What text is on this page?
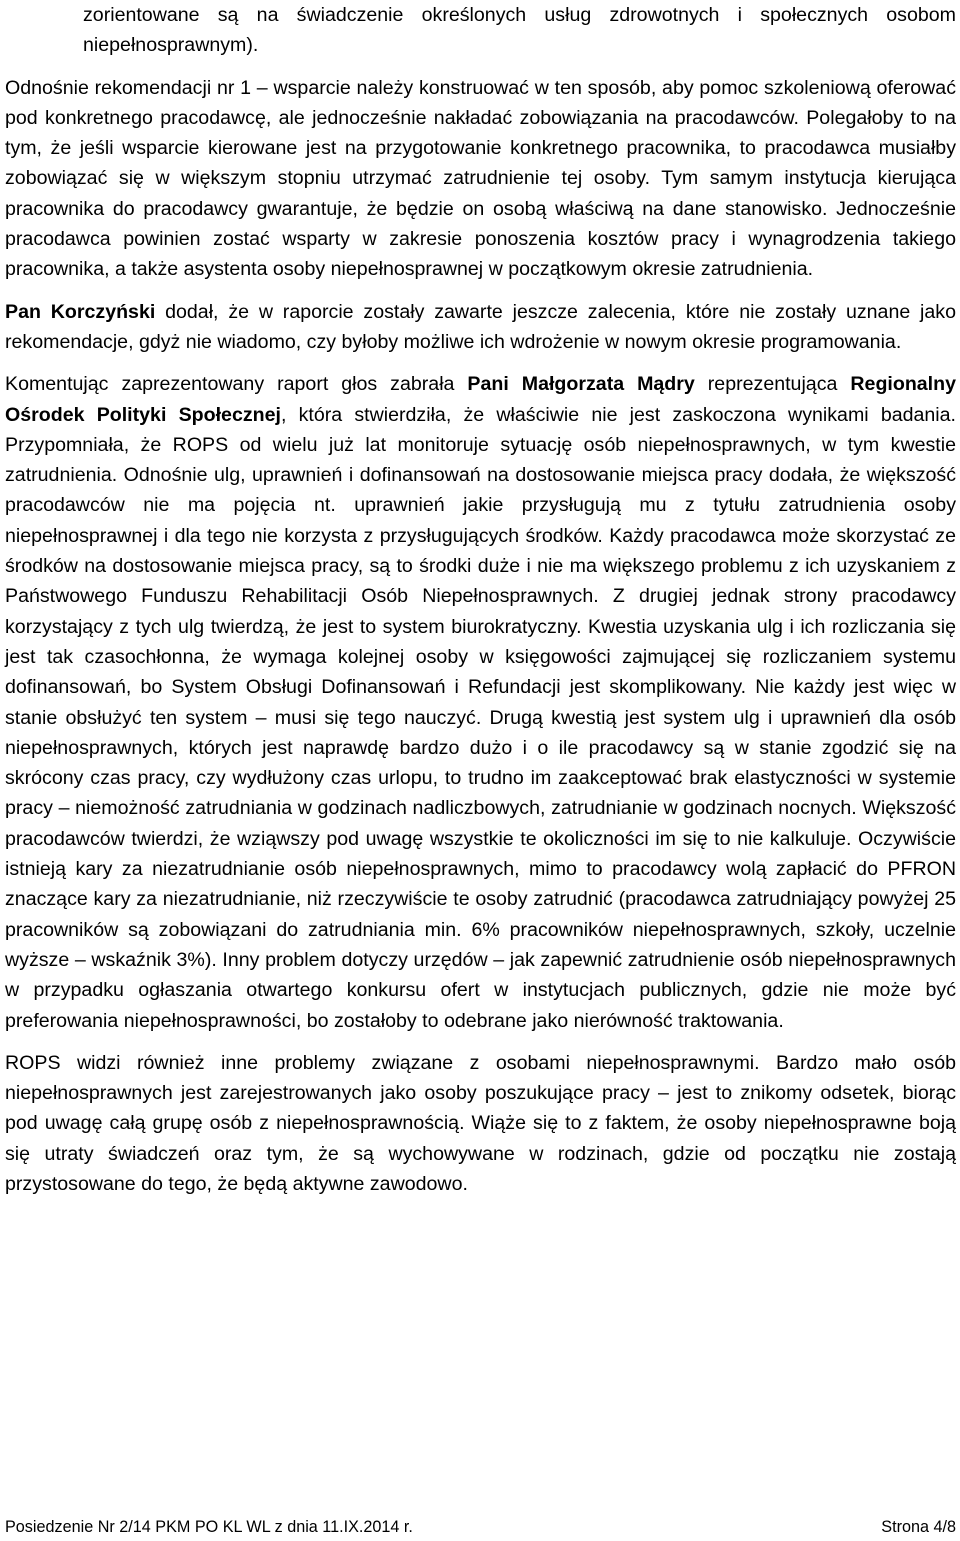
zorientowane są na świadczenie określonych usług zdrowotnych i społecznych osobom niepełnosprawnym).

Odnośnie rekomendacji nr 1 – wsparcie należy konstruować w ten sposób, aby pomoc szkoleniową oferować pod konkretnego pracodawcę, ale jednocześnie nakładać zobowiązania na pracodawców. Polegałoby to na tym, że jeśli wsparcie kierowane jest na przygotowanie konkretnego pracownika, to pracodawca musiałby zobowiązać się w większym stopniu utrzymać zatrudnienie tej osoby. Tym samym instytucja kierująca pracownika do pracodawcy gwarantuje, że będzie on osobą właściwą na dane stanowisko. Jednocześnie pracodawca powinien zostać wsparty w zakresie ponoszenia kosztów pracy i wynagrodzenia takiego pracownika, a także asystenta osoby niepełnosprawnej w początkowym okresie zatrudnienia.

Pan Korczyński dodał, że w raporcie zostały zawarte jeszcze zalecenia, które nie zostały uznane jako rekomendacje, gdyż nie wiadomo, czy byłoby możliwe ich wdrożenie w nowym okresie programowania.

Komentując zaprezentowany raport głos zabrała Pani Małgorzata Mądry reprezentująca Regionalny Ośrodek Polityki Społecznej, która stwierdziła, że właściwie nie jest zaskoczona wynikami badania. Przypomniała, że ROPS od wielu już lat monitoruje sytuację osób niepełnosprawnych, w tym kwestie zatrudnienia. Odnośnie ulg, uprawnień i dofinansowań na dostosowanie miejsca pracy dodała, że większość pracodawców nie ma pojęcia nt. uprawnień jakie przysługują mu z tytułu zatrudnienia osoby niepełnosprawnej i dla tego nie korzysta z przysługujących środków. Każdy pracodawca może skorzystać ze środków na dostosowanie miejsca pracy, są to środki duże i nie ma większego problemu z ich uzyskaniem z Państwowego Funduszu Rehabilitacji Osób Niepełnosprawnych. Z drugiej jednak strony pracodawcy korzystający z tych ulg twierdzą, że jest to system biurokratyczny. Kwestia uzyskania ulg i ich rozliczania się jest tak czasochłonna, że wymaga kolejnej osoby w księgowości zajmującej się rozliczaniem systemu dofinansowań, bo System Obsługi Dofinansowań i Refundacji jest skomplikowany. Nie każdy jest więc w stanie obsłużyć ten system – musi się tego nauczyć. Drugą kwestią jest system ulg i uprawnień dla osób niepełnosprawnych, których jest naprawdę bardzo dużo i o ile pracodawcy są w stanie zgodzić się na skrócony czas pracy, czy wydłużony czas urlopu, to trudno im zaakceptować brak elastyczności w systemie pracy – niemożność zatrudniania w godzinach nadliczbowych, zatrudnianie w godzinach nocnych. Większość pracodawców twierdzi, że wziąwszy pod uwagę wszystkie te okoliczności im się to nie kalkuluje. Oczywiście istnieją kary za niezatrudnianie osób niepełnosprawnych, mimo to pracodawcy wolą zapłacić do PFRON znaczące kary za niezatrudnianie, niż rzeczywiście te osoby zatrudnić (pracodawca zatrudniający powyżej 25 pracowników są zobowiązani do zatrudniania min. 6% pracowników niepełnosprawnych, szkoły, uczelnie wyższe – wskaźnik 3%). Inny problem dotyczy urzędów – jak zapewnić zatrudnienie osób niepełnosprawnych w przypadku ogłaszania otwartego konkursu ofert w instytucjach publicznych, gdzie nie może być preferowania niepełnosprawności, bo zostałoby to odebrane jako nierówność traktowania.

ROPS widzi również inne problemy związane z osobami niepełnosprawnymi. Bardzo mało osób niepełnosprawnych jest zarejestrowanych jako osoby poszukujące pracy – jest to znikomy odsetek, biorąc pod uwagę całą grupę osób z niepełnosprawnością. Wiąże się to z faktem, że osoby niepełnosprawne boją się utraty świadczeń oraz tym, że są wychowywane w rodzinach, gdzie od początku nie zostają przystosowane do tego, że będą aktywne zawodowo.

Posiedzenie Nr 2/14 PKM PO KL WL z dnia 11.IX.2014 r.	Strona 4/8
